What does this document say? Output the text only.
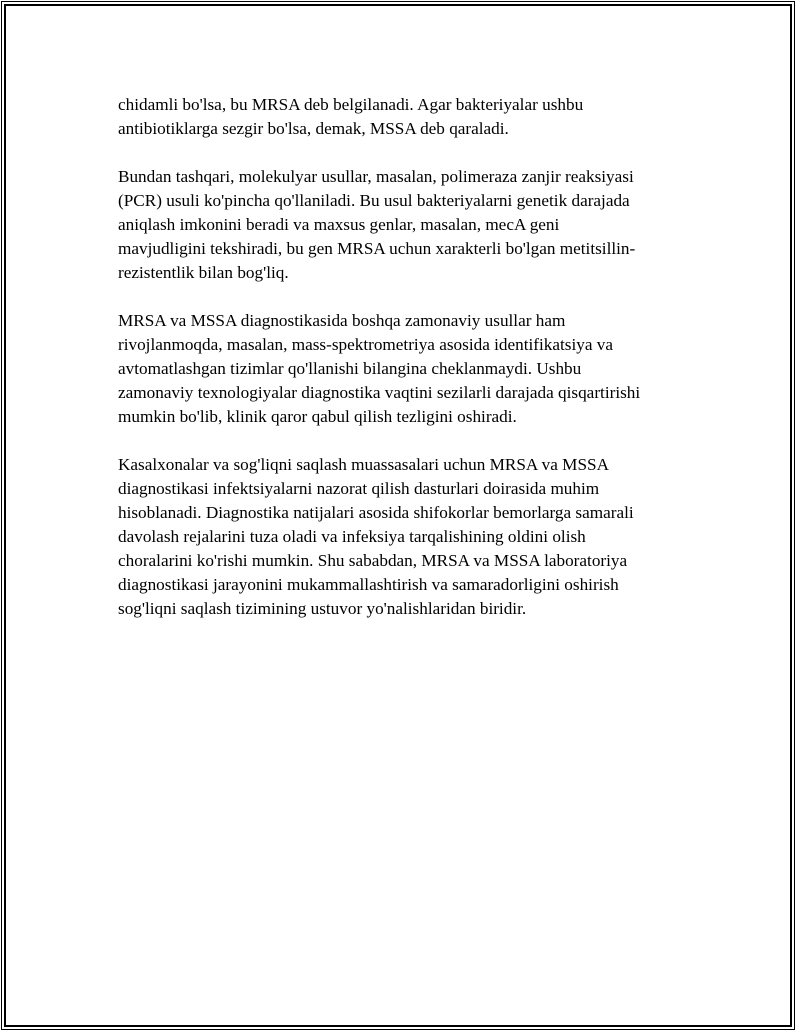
chidamli bo'lsa, bu MRSA deb belgilanadi. Agar bakteriyalar ushbu
antibiotiklarga sezgir bo'lsa, demak, MSSA deb qaraladi.

Bundan tashqari, molekulyar usullar, masalan, polimeraza zanjir reaksiyasi
(PCR) usuli ko'pincha qo'llaniladi. Bu usul bakteriyalarni genetik darajada
aniqlash imkonini beradi va maxsus genlar, masalan, mecA geni
mavjudligini tekshiradi, bu gen MRSA uchun xarakterli bo'lgan metitsillin-
rezistentlik bilan bog'liq.

MRSA va MSSA diagnostikasida boshqa zamonaviy usullar ham
rivojlanmoqda, masalan, mass-spektrometriya asosida identifikatsiya va
avtomatlashgan tizimlar qo'llanishi bilangina cheklanmaydi. Ushbu
zamonaviy texnologiyalar diagnostika vaqtini sezilarli darajada qisqartirishi
mumkin bo'lib, klinik qaror qabul qilish tezligini oshiradi.

Kasalxonalar va sog'liqni saqlash muassasalari uchun MRSA va MSSA
diagnostikasi infektsiyalarni nazorat qilish dasturlari doirasida muhim
hisoblanadi. Diagnostika natijalari asosida shifokorlar bemorlarga samarali
davolash rejalarini tuza oladi va infeksiya tarqalishining oldini olish
choralarini ko'rishi mumkin. Shu sababdan, MRSA va MSSA laboratoriya
diagnostikasi jarayonini mukammallashtirish va samaradorligini oshirish
sog'liqni saqlash tizimining ustuvor yo'nalishlaridan biridir.
